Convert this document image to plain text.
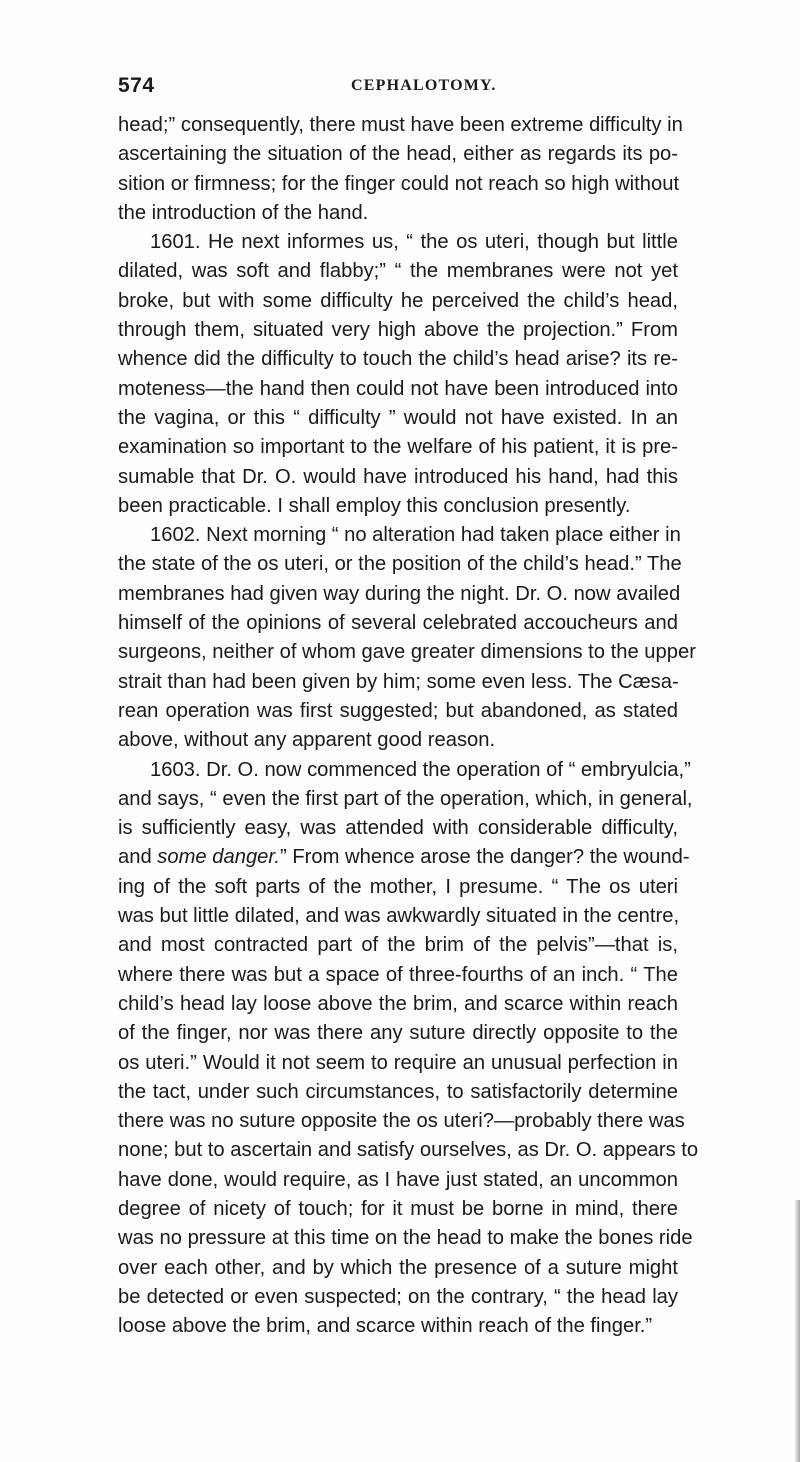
574	CEPHALOTOMY.
head;” consequently, there must have been extreme difficulty in
ascertaining the situation of the head, either as regards its po-
sition or firmness; for the finger could not reach so high without
the introduction of the hand.
1601. He next informes us, “ the os uteri, though but little
dilated, was soft and flabby;” “ the membranes were not yet
broke, but with some difficulty he perceived the child’s head,
through them, situated very high above the projection.” From
whence did the difficulty to touch the child’s head arise? its re-
moteness—the hand then could not have been introduced into
the vagina, or this “ difficulty ” would not have existed. In an
examination so important to the welfare of his patient, it is pre-
sumable that Dr. O. would have introduced his hand, had this
been practicable. I shall employ this conclusion presently.
1602. Next morning “ no alteration had taken place either in
the state of the os uteri, or the position of the child’s head.” The
membranes had given way during the night. Dr. O. now availed
himself of the opinions of several celebrated accoucheurs and
surgeons, neither of whom gave greater dimensions to the upper
strait than had been given by him; some even less. The Cæsa-
rean operation was first suggested; but abandoned, as stated
above, without any apparent good reason.
1603. Dr. O. now commenced the operation of “ embryulcia,”
and says, “ even the first part of the operation, which, in general,
is sufficiently easy, was attended with considerable difficulty,
and some danger.” From whence arose the danger? the wound-
ing of the soft parts of the mother, I presume. “ The os uteri
was but little dilated, and was awkwardly situated in the centre,
and most contracted part of the brim of the pelvis”—that is,
where there was but a space of three-fourths of an inch. “ The
child’s head lay loose above the brim, and scarce within reach
of the finger, nor was there any suture directly opposite to the
os uteri.” Would it not seem to require an unusual perfection in
the tact, under such circumstances, to satisfactorily determine
there was no suture opposite the os uteri?—probably there was
none; but to ascertain and satisfy ourselves, as Dr. O. appears to
have done, would require, as I have just stated, an uncommon
degree of nicety of touch; for it must be borne in mind, there
was no pressure at this time on the head to make the bones ride
over each other, and by which the presence of a suture might
be detected or even suspected; on the contrary, “ the head lay
loose above the brim, and scarce within reach of the finger.”
